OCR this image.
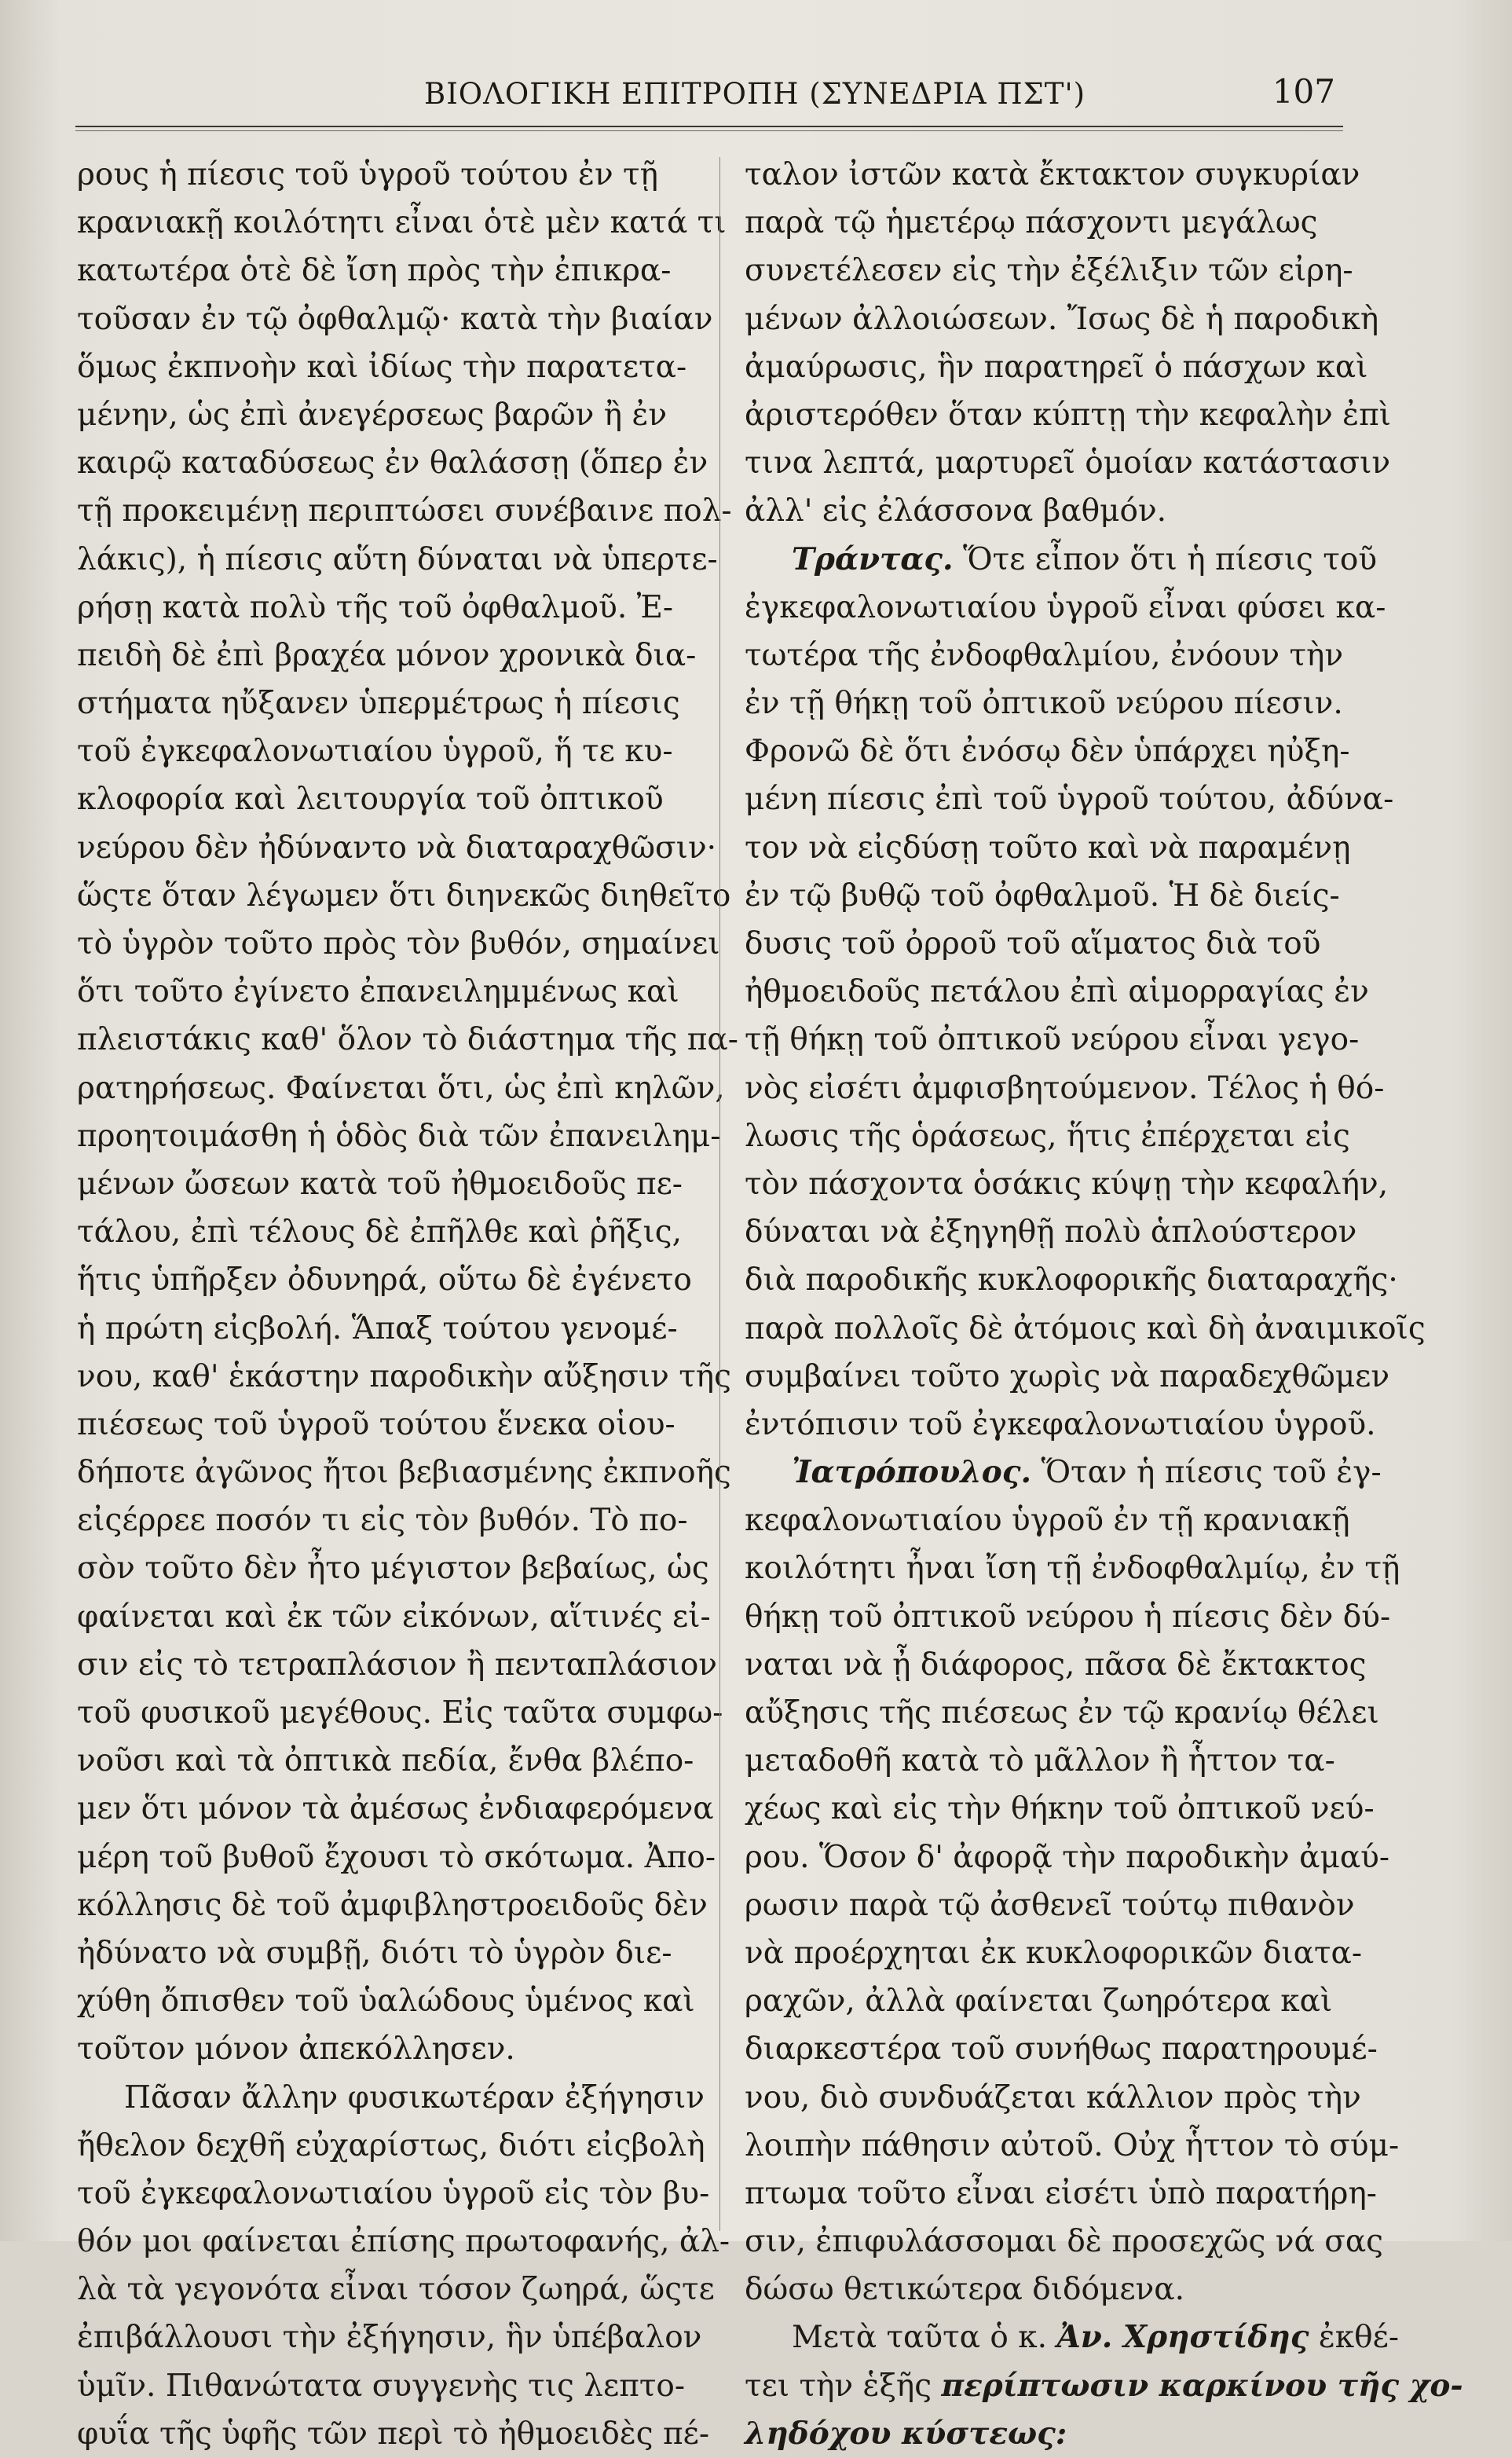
ΒΙΟΛΟΓΙΚΗ ΕΠΙΤΡΟΠΗ (ΣΥΝΕΔΡΙΑ ΠΣΤ')	107
ρους ἡ πίεσις τοῦ ὑγροῦ τούτου ἐν τῇ
κρανιακῇ κοιλότητι εἶναι ὁτὲ μὲν κατά τι
κατωτέρα ὁτὲ δὲ ἴση πρὸς τὴν ἐπικρα-
τοῦσαν ἐν τῷ ὀφθαλμῷ· κατὰ τὴν βιαίαν
ὅμως ἐκπνοὴν καὶ ἰδίως τὴν παρατετα-
μένην, ὡς ἐπὶ ἀνεγέρσεως βαρῶν ἢ ἐν
καιρῷ καταδύσεως ἐν θαλάσσῃ (ὅπερ ἐν
τῇ προκειμένῃ περιπτώσει συνέβαινε πολ-
λάκις), ἡ πίεσις αὕτη δύναται νὰ ὑπερτε-
ρήσῃ κατὰ πολὺ τῆς τοῦ ὀφθαλμοῦ. Ἐ-
πειδὴ δὲ ἐπὶ βραχέα μόνον χρονικὰ δια-
στήματα ηὔξανεν ὑπερμέτρως ἡ πίεσις
τοῦ ἐγκεφαλονωτιαίου ὑγροῦ, ἥ τε κυ-
κλοφορία καὶ λειτουργία τοῦ ὀπτικοῦ
νεύρου δὲν ἠδύναντο νὰ διαταραχθῶσιν·
ὥςτε ὅταν λέγωμεν ὅτι διηνεκῶς διηθεῖτο
τὸ ὑγρὸν τοῦτο πρὸς τὸν βυθόν, σημαίνει
ὅτι τοῦτο ἐγίνετο ἐπανειλημμένως καὶ
πλειστάκις καθ' ὅλον τὸ διάστημα τῆς πα-
ρατηρήσεως. Φαίνεται ὅτι, ὡς ἐπὶ κηλῶν,
προητοιμάσθη ἡ ὁδὸς διὰ τῶν ἐπανειλημ-
μένων ὤσεων κατὰ τοῦ ἠθμοειδοῦς πε-
τάλου, ἐπὶ τέλους δὲ ἐπῆλθε καὶ ῥῆξις,
ἥτις ὑπῆρξεν ὀδυνηρά, οὕτω δὲ ἐγένετο
ἡ πρώτη εἰςβολή. Ἅπαξ τούτου γενομέ-
νου, καθ' ἑκάστην παροδικὴν αὔξησιν τῆς
πιέσεως τοῦ ὑγροῦ τούτου ἕνεκα οἱου-
δήποτε ἀγῶνος ἤτοι βεβιασμένης ἐκπνοῆς
εἰςέρρεε ποσόν τι εἰς τὸν βυθόν. Τὸ πο-
σὸν τοῦτο δὲν ἦτο μέγιστον βεβαίως, ὡς
φαίνεται καὶ ἐκ τῶν εἰκόνων, αἵτινές εἰ-
σιν εἰς τὸ τετραπλάσιον ἢ πενταπλάσιον
τοῦ φυσικοῦ μεγέθους. Εἰς ταῦτα συμφω-
νοῦσι καὶ τὰ ὀπτικὰ πεδία, ἔνθα βλέπο-
μεν ὅτι μόνον τὰ ἀμέσως ἐνδιαφερόμενα
μέρη τοῦ βυθοῦ ἔχουσι τὸ σκότωμα. Ἀπο-
κόλλησις δὲ τοῦ ἀμφιβληστροειδοῦς δὲν
ἠδύνατο νὰ συμβῇ, διότι τὸ ὑγρὸν διε-
χύθη ὄπισθεν τοῦ ὑαλώδους ὑμένος καὶ
τοῦτον μόνον ἀπεκόλλησεν.
Πᾶσαν ἄλλην φυσικωτέραν ἐξήγησιν
ἤθελον δεχθῆ εὐχαρίστως, διότι εἰςβολὴ
τοῦ ἐγκεφαλονωτιαίου ὑγροῦ εἰς τὸν βυ-
θόν μοι φαίνεται ἐπίσης πρωτοφανής, ἀλ-
λὰ τὰ γεγονότα εἶναι τόσον ζωηρά, ὥςτε
ἐπιβάλλουσι τὴν ἐξήγησιν, ἣν ὑπέβαλον
ὑμῖν. Πιθανώτατα συγγενὴς τις λεπτο-
φυΐα τῆς ὑφῆς τῶν περὶ τὸ ἠθμοειδὲς πέ-
ταλον ἰστῶν κατὰ ἔκτακτον συγκυρίαν
παρὰ τῷ ἡμετέρῳ πάσχοντι μεγάλως
συνετέλεσεν εἰς τὴν ἐξέλιξιν τῶν εἰρη-
μένων ἀλλοιώσεων. Ἴσως δὲ ἡ παροδικὴ
ἀμαύρωσις, ἣν παρατηρεῖ ὁ πάσχων καὶ
ἀριστερόθεν ὅταν κύπτῃ τὴν κεφαλὴν ἐπὶ
τινα λεπτά, μαρτυρεῖ ὁμοίαν κατάστασιν
ἀλλ' εἰς ἐλάσσονα βαθμόν.
Τράντας. Ὅτε εἶπον ὅτι ἡ πίεσις τοῦ
ἐγκεφαλονωτιαίου ὑγροῦ εἶναι φύσει κα-
τωτέρα τῆς ἐνδοφθαλμίου, ἐνόουν τὴν
ἐν τῇ θήκῃ τοῦ ὀπτικοῦ νεύρου πίεσιν.
Φρονῶ δὲ ὅτι ἐνόσῳ δὲν ὑπάρχει ηὐξη-
μένη πίεσις ἐπὶ τοῦ ὑγροῦ τούτου, ἀδύνα-
τον νὰ εἰςδύσῃ τοῦτο καὶ νὰ παραμένῃ
ἐν τῷ βυθῷ τοῦ ὀφθαλμοῦ. Ἡ δὲ διείς-
δυσις τοῦ ὀρροῦ τοῦ αἵματος διὰ τοῦ
ἠθμοειδοῦς πετάλου ἐπὶ αἱμορραγίας ἐν
τῇ θήκῃ τοῦ ὀπτικοῦ νεύρου εἶναι γεγο-
νὸς εἰσέτι ἀμφισβητούμενον. Τέλος ἡ θό-
λωσις τῆς ὁράσεως, ἥτις ἐπέρχεται εἰς
τὸν πάσχοντα ὁσάκις κύψῃ τὴν κεφαλήν,
δύναται νὰ ἐξηγηθῇ πολὺ ἁπλούστερον
διὰ παροδικῆς κυκλοφορικῆς διαταραχῆς·
παρὰ πολλοῖς δὲ ἀτόμοις καὶ δὴ ἀναιμικοῖς
συμβαίνει τοῦτο χωρὶς νὰ παραδεχθῶμεν
ἐντόπισιν τοῦ ἐγκεφαλονωτιαίου ὑγροῦ.
Ἰατρόπουλος. Ὅταν ἡ πίεσις τοῦ ἐγ-
κεφαλονωτιαίου ὑγροῦ ἐν τῇ κρανιακῇ
κοιλότητι ἦναι ἴση τῇ ἐνδοφθαλμίῳ, ἐν τῇ
θήκῃ τοῦ ὀπτικοῦ νεύρου ἡ πίεσις δὲν δύ-
ναται νὰ ᾖ διάφορος, πᾶσα δὲ ἔκτακτος
αὔξησις τῆς πιέσεως ἐν τῷ κρανίῳ θέλει
μεταδοθῆ κατὰ τὸ μᾶλλον ἢ ἧττον τα-
χέως καὶ εἰς τὴν θήκην τοῦ ὀπτικοῦ νεύ-
ρου. Ὅσον δ' ἀφορᾷ τὴν παροδικὴν ἀμαύ-
ρωσιν παρὰ τῷ ἀσθενεῖ τούτῳ πιθανὸν
νὰ προέρχηται ἐκ κυκλοφορικῶν διατα-
ραχῶν, ἀλλὰ φαίνεται ζωηρότερα καὶ
διαρκεστέρα τοῦ συνήθως παρατηρουμέ-
νου, διὸ συνδυάζεται κάλλιον πρὸς τὴν
λοιπὴν πάθησιν αὐτοῦ. Οὐχ ἧττον τὸ σύμ-
πτωμα τοῦτο εἶναι εἰσέτι ὑπὸ παρατήρη-
σιν, ἐπιφυλάσσομαι δὲ προσεχῶς νά σας
δώσω θετικώτερα διδόμενα.
Μετὰ ταῦτα ὁ κ. Ἀν. Χρηστίδης ἐκθέ-
τει τὴν ἑξῆς περίπτωσιν καρκίνου τῆς χο-
ληδόχου κύστεως:
